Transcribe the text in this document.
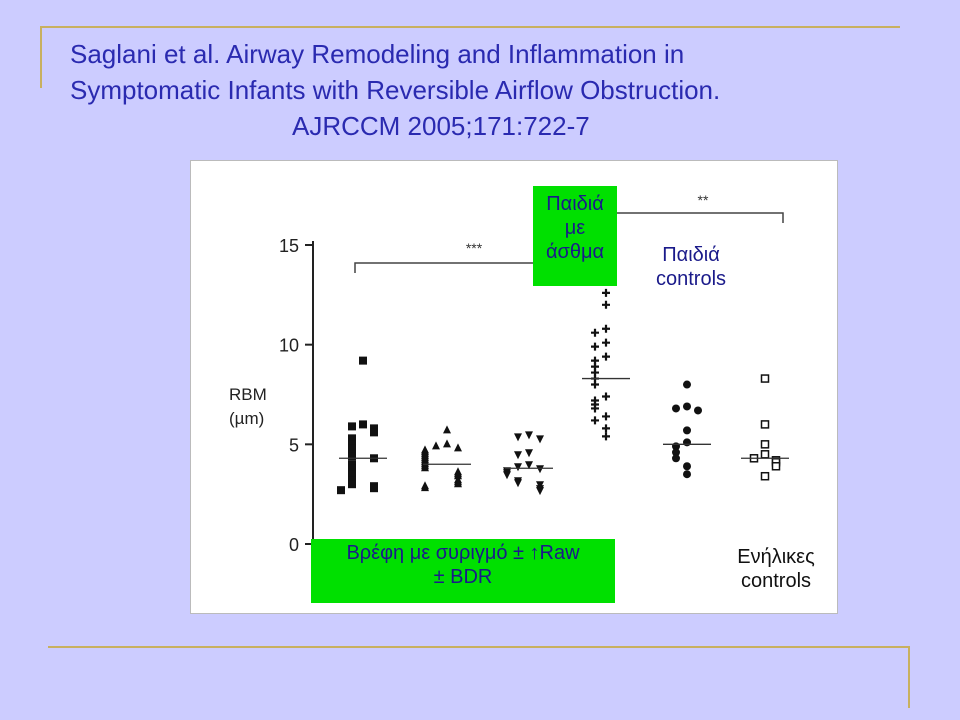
Saglani et al. Airway Remodeling and Inflammation in
Symptomatic Infants with Reversible Airflow Obstruction.
AJRCCM 2005;171:722-7
RBM
(µm)
0
5
10
15	***
**
Παιδιά
με
άσθμα	Παιδιά
controls
Βρέφη με συριγμό ± ↑Raw
± BDR
Ενήλικες
controls
